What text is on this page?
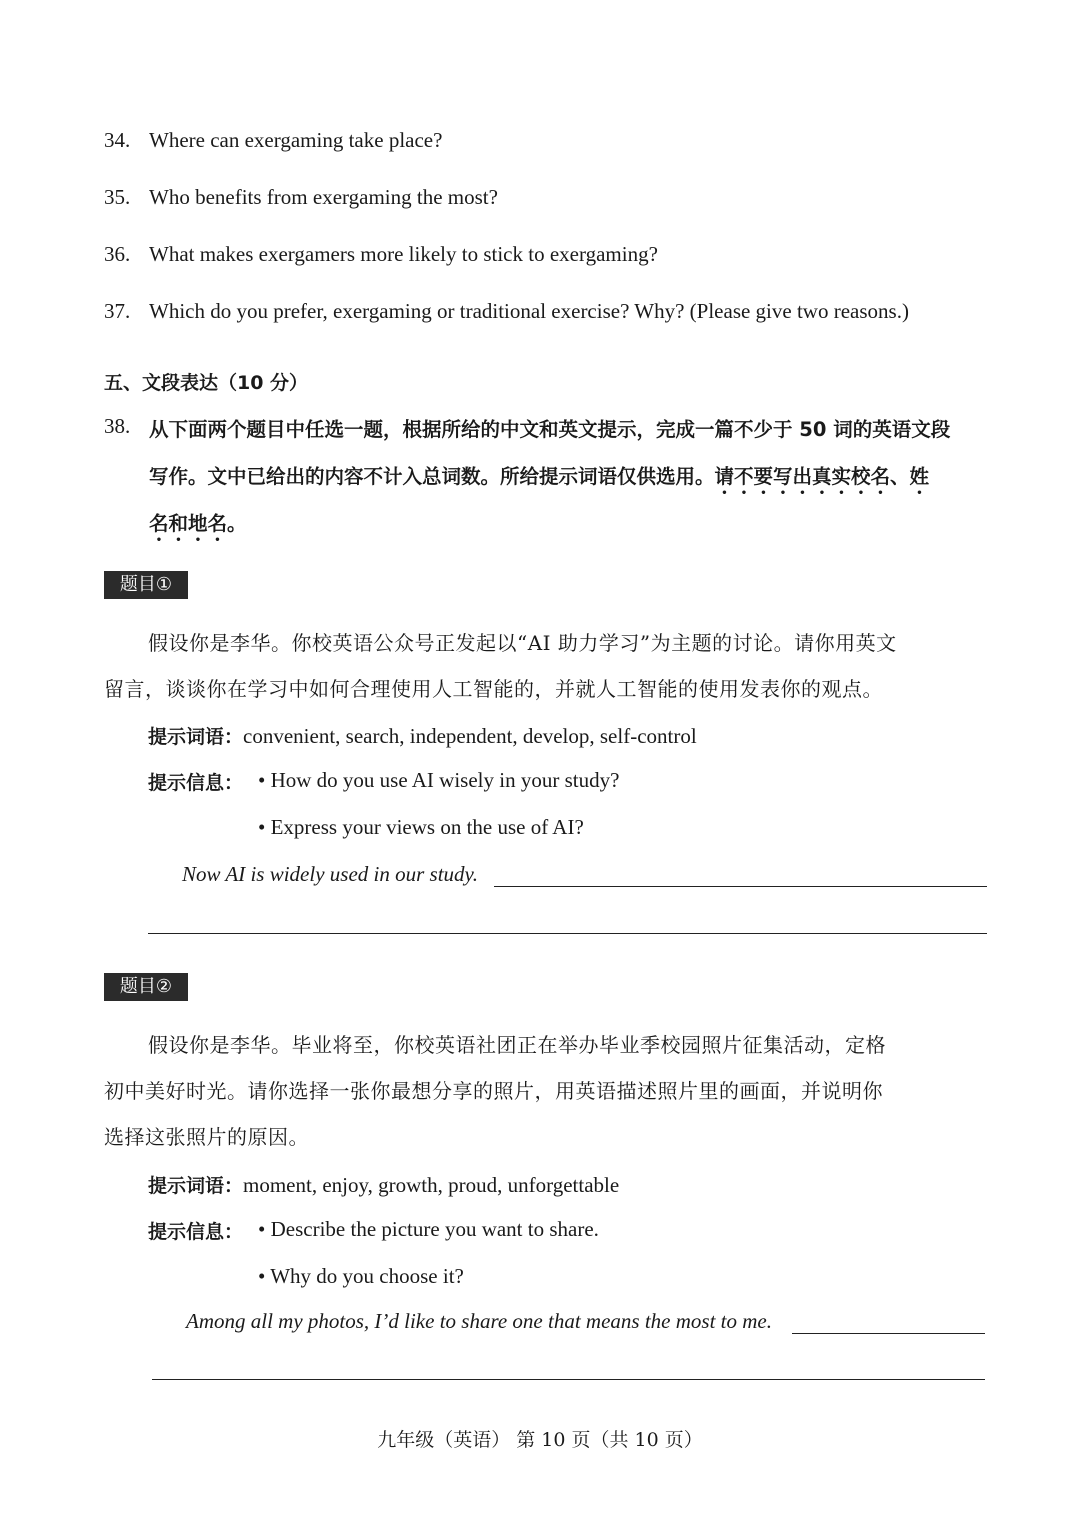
34. Where can exergaming take place?
35. Who benefits from exergaming the most?
36. What makes exergamers more likely to stick to exergaming?
37. Which do you prefer, exergaming or traditional exercise? Why? (Please give two reasons.)
五、文段表达（10 分）
38. 从下面两个题目中任选一题，根据所给的中文和英文提示，完成一篇不少于 50 词的英语文段
写作。文中已给出的内容不计入总词数。所给提示词语仅供选用。请不要写出真实校名、姓
名和地名。
题目①
假设你是李华。你校英语公众号正发起以“AI 助力学习”为主题的讨论。请你用英文
留言，谈谈你在学习中如何合理使用人工智能的，并就人工智能的使用发表你的观点。
提示词语：convenient, search, independent, develop, self-control
提示信息： • How do you use AI wisely in your study?
• Express your views on the use of AI?
Now AI is widely used in our study.
题目②
假设你是李华。毕业将至，你校英语社团正在举办毕业季校园照片征集活动，定格
初中美好时光。请你选择一张你最想分享的照片，用英语描述照片里的画面，并说明你
选择这张照片的原因。
提示词语：moment, enjoy, growth, proud, unforgettable
提示信息： • Describe the picture you want to share.
• Why do you choose it?
Among all my photos, I’d like to share one that means the most to me.
九年级（英语） 第 10 页（共 10 页）
